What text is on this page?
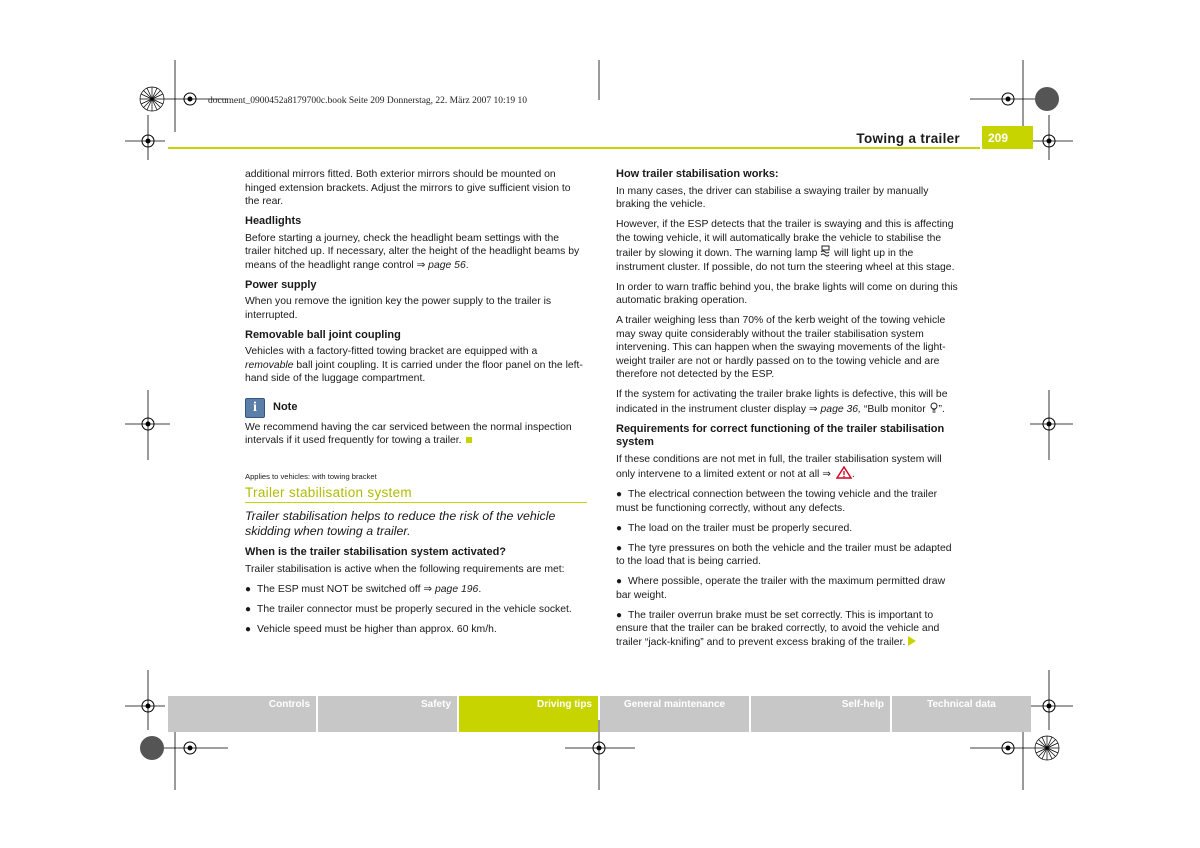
document_0900452a8179700c.book Seite 209 Donnerstag, 22. März 2007 10:19 10
Towing a trailer	209

additional mirrors fitted. Both exterior mirrors should be mounted on hinged extension brackets. Adjust the mirrors to give sufficient vision to the rear.

Headlights

Before starting a journey, check the headlight beam settings with the trailer hitched up. If necessary, alter the height of the headlight beams by means of the headlight range control ⇒ page 56.

Power supply

When you remove the ignition key the power supply to the trailer is interrupted.

Removable ball joint coupling

Vehicles with a factory-fitted towing bracket are equipped with a removable ball joint coupling. It is carried under the floor panel on the left-hand side of the luggage compartment.

i	Note

We recommend having the car serviced between the normal inspection intervals if it used frequently for towing a trailer.

Applies to vehicles: with towing bracket
Trailer stabilisation system

Trailer stabilisation helps to reduce the risk of the vehicle skidding when towing a trailer.

When is the trailer stabilisation system activated?

Trailer stabilisation is active when the following requirements are met:

● The ESP must NOT be switched off ⇒ page 196.

● The trailer connector must be properly secured in the vehicle socket.

● Vehicle speed must be higher than approx. 60 km/h.

How trailer stabilisation works:

In many cases, the driver can stabilise a swaying trailer by manually braking the vehicle.

However, if the ESP detects that the trailer is swaying and this is affecting the towing vehicle, it will automatically brake the vehicle to stabilise the trailer by slowing it down. The warning lamp will light up in the instrument cluster. If possible, do not turn the steering wheel at this stage.

In order to warn traffic behind you, the brake lights will come on during this automatic braking operation.

A trailer weighing less than 70% of the kerb weight of the towing vehicle may sway quite considerably without the trailer stabilisation system intervening. This can happen when the swaying movements of the light-weight trailer are not or hardly passed on to the towing vehicle and are therefore not detected by the ESP.

If the system for activating the trailer brake lights is defective, this will be indicated in the instrument cluster display ⇒ page 36, “Bulb monitor ”.

Requirements for correct functioning of the trailer stabilisation system

If these conditions are not met in full, the trailer stabilisation system will only intervene to a limited extent or not at all ⇒ .

● The electrical connection between the towing vehicle and the trailer must be functioning correctly, without any defects.

● The load on the trailer must be properly secured.

● The tyre pressures on both the vehicle and the trailer must be adapted to the load that is being carried.

● Where possible, operate the trailer with the maximum permitted draw bar weight.

● The trailer overrun brake must be set correctly. This is important to ensure that the trailer can be braked correctly, to avoid the vehicle and trailer “jack-knifing” and to prevent excess braking of the trailer.

Controls	Safety	Driving tips	General maintenance	Self-help	Technical data
